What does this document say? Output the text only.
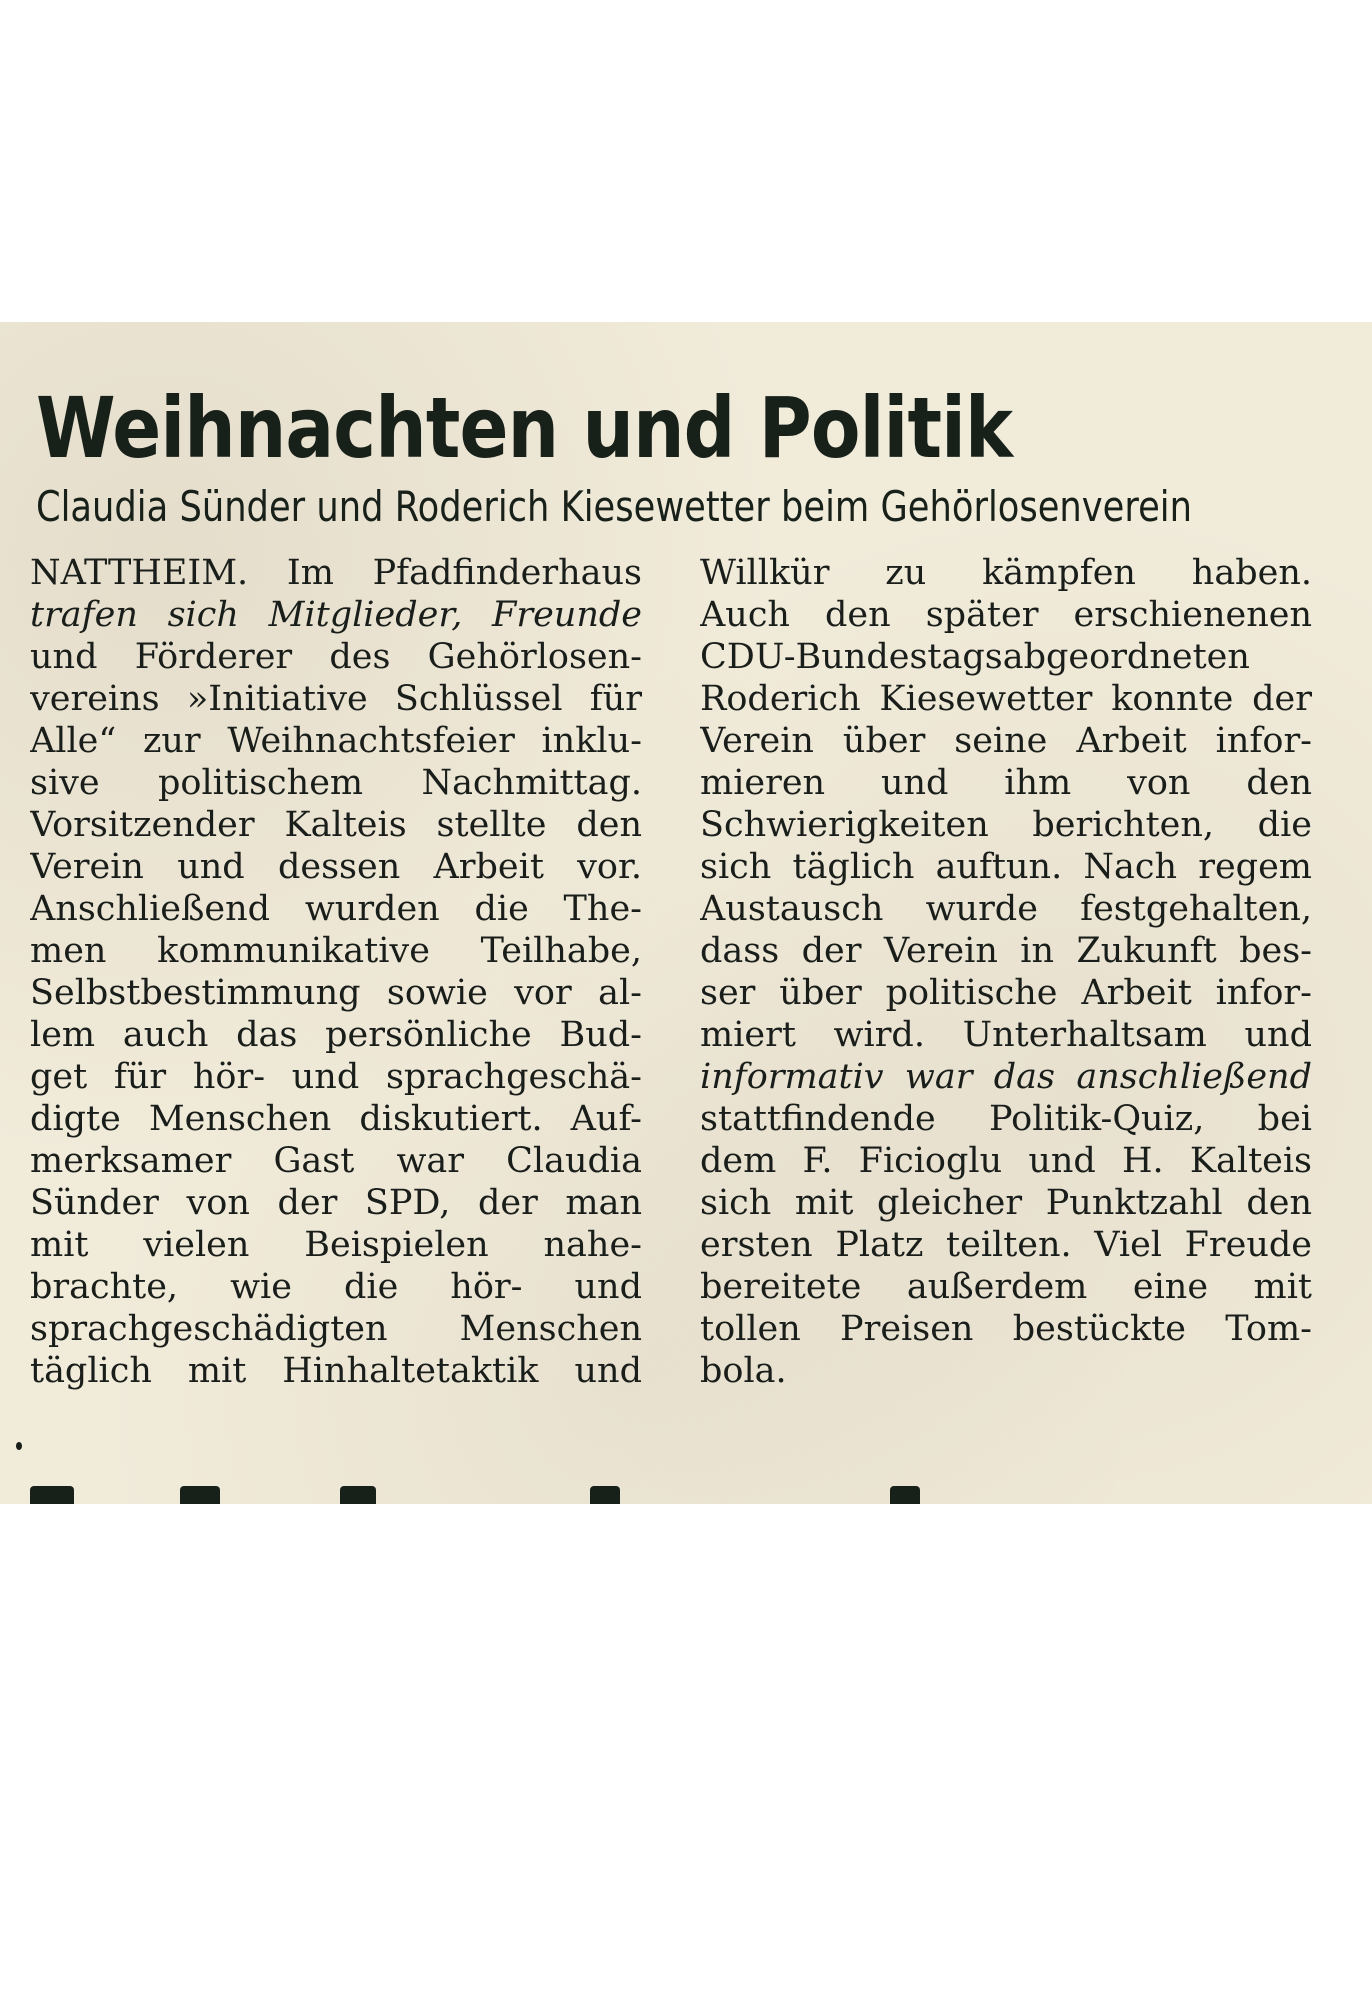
Weihnachten und Politik
Claudia Sünder und Roderich Kiesewetter beim Gehörlosenverein
NATTHEIM. Im Pfadfinderhaus
trafen sich Mitglieder, Freunde
und Förderer des Gehörlosen-
vereins »Initiative Schlüssel für
Alle“ zur Weihnachtsfeier inklu-
sive politischem Nachmittag.
Vorsitzender Kalteis stellte den
Verein und dessen Arbeit vor.
Anschließend wurden die The-
men kommunikative Teilhabe,
Selbstbestimmung sowie vor al-
lem auch das persönliche Bud-
get für hör- und sprachgeschä-
digte Menschen diskutiert. Auf-
merksamer Gast war Claudia
Sünder von der SPD, der man
mit vielen Beispielen nahe-
brachte, wie die hör- und
sprachgeschädigten Menschen
täglich mit Hinhaltetaktik und
Willkür zu kämpfen haben.
Auch den später erschienenen
CDU-Bundestagsabgeordneten
Roderich Kiesewetter konnte der
Verein über seine Arbeit infor-
mieren und ihm von den
Schwierigkeiten berichten, die
sich täglich auftun. Nach regem
Austausch wurde festgehalten,
dass der Verein in Zukunft bes-
ser über politische Arbeit infor-
miert wird. Unterhaltsam und
informativ war das anschließend
stattfindende Politik-Quiz, bei
dem F. Ficioglu und H. Kalteis
sich mit gleicher Punktzahl den
ersten Platz teilten. Viel Freude
bereitete außerdem eine mit
tollen Preisen bestückte Tom-
bola.
